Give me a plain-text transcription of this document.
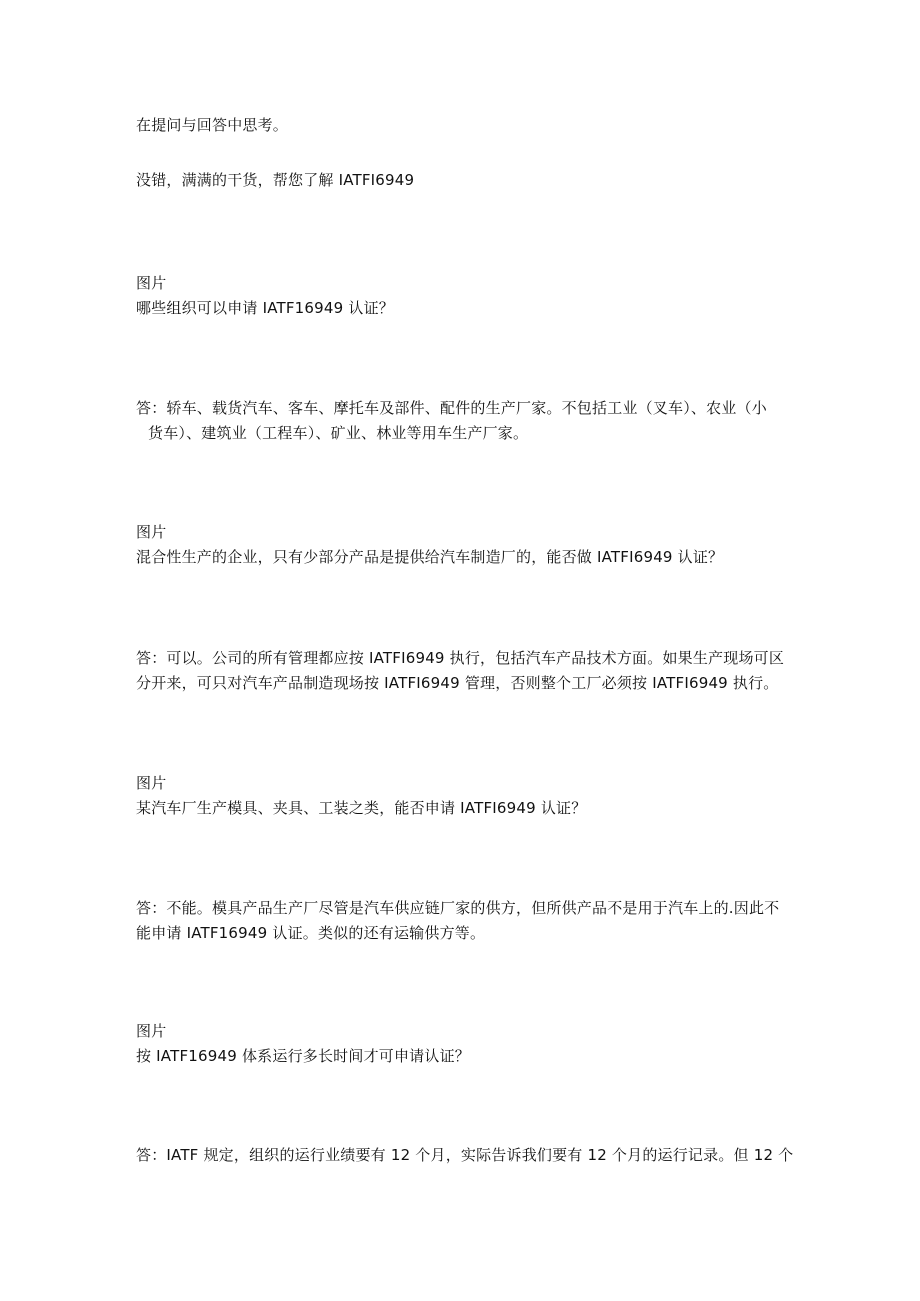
在提问与回答中思考。
没错，满满的干货，帮您了解 IATFI6949
图片
哪些组织可以申请 IATF16949 认证？
答：轿车、载货汽车、客车、摩托车及部件、配件的生产厂家。不包括工业（叉车）、农业（小
货车）、建筑业（工程车）、矿业、林业等用车生产厂家。
图片
混合性生产的企业，只有少部分产品是提供给汽车制造厂的，能否做 IATFI6949 认证？
答：可以。公司的所有管理都应按 IATFI6949 执行，包括汽车产品技术方面。如果生产现场可区
分开来，可只对汽车产品制造现场按 IATFI6949 管理，否则整个工厂必须按 IATFI6949 执行。
图片
某汽车厂生产模具、夹具、工装之类，能否申请 IATFI6949 认证？
答：不能。模具产品生产厂尽管是汽车供应链厂家的供方，但所供产品不是用于汽车上的.因此不
能申请 IATF16949 认证。类似的还有运输供方等。
图片
按 IATF16949 体系运行多长时间才可申请认证？
答：IATF 规定，组织的运行业绩要有 12 个月，实际告诉我们要有 12 个月的运行记录。但 12 个
